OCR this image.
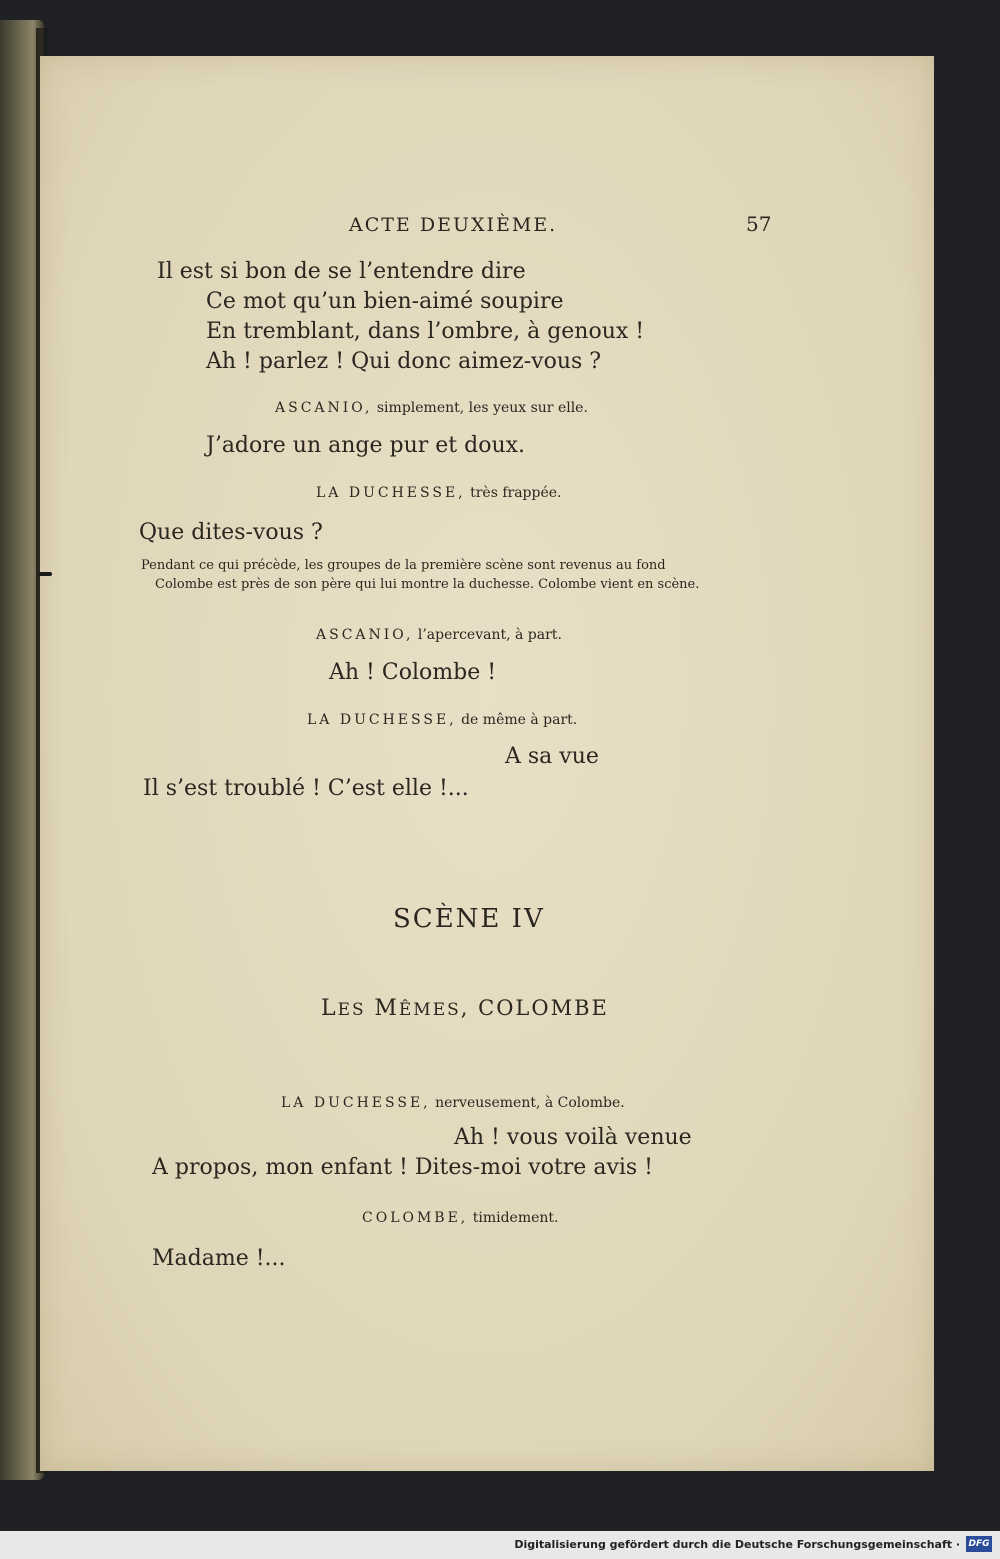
ACTE DEUXIÈME.	57
Il est si bon de se l’entendre dire
Ce mot qu’un bien-aimé soupire
En tremblant, dans l’ombre, à genoux !
Ah ! parlez ! Qui donc aimez-vous ?
ASCANIO, simplement, les yeux sur elle.
J’adore un ange pur et doux.
LA DUCHESSE, très frappée.
Que dites-vous ?
Pendant ce qui précède, les groupes de la première scène sont revenus au fond
Colombe est près de son père qui lui montre la duchesse. Colombe vient en scène.
ASCANIO, l’apercevant, à part.
Ah ! Colombe !
LA DUCHESSE, de même à part.
A sa vue
Il s’est troublé ! C’est elle !...
SCÈNE IV
LES MÊMES, COLOMBE
LA DUCHESSE, nerveusement, à Colombe.
Ah ! vous voilà venue
A propos, mon enfant ! Dites-moi votre avis !
COLOMBE, timidement.
Madame !...
Digitalisierung gefördert durch die Deutsche Forschungsgemeinschaft · DFG
